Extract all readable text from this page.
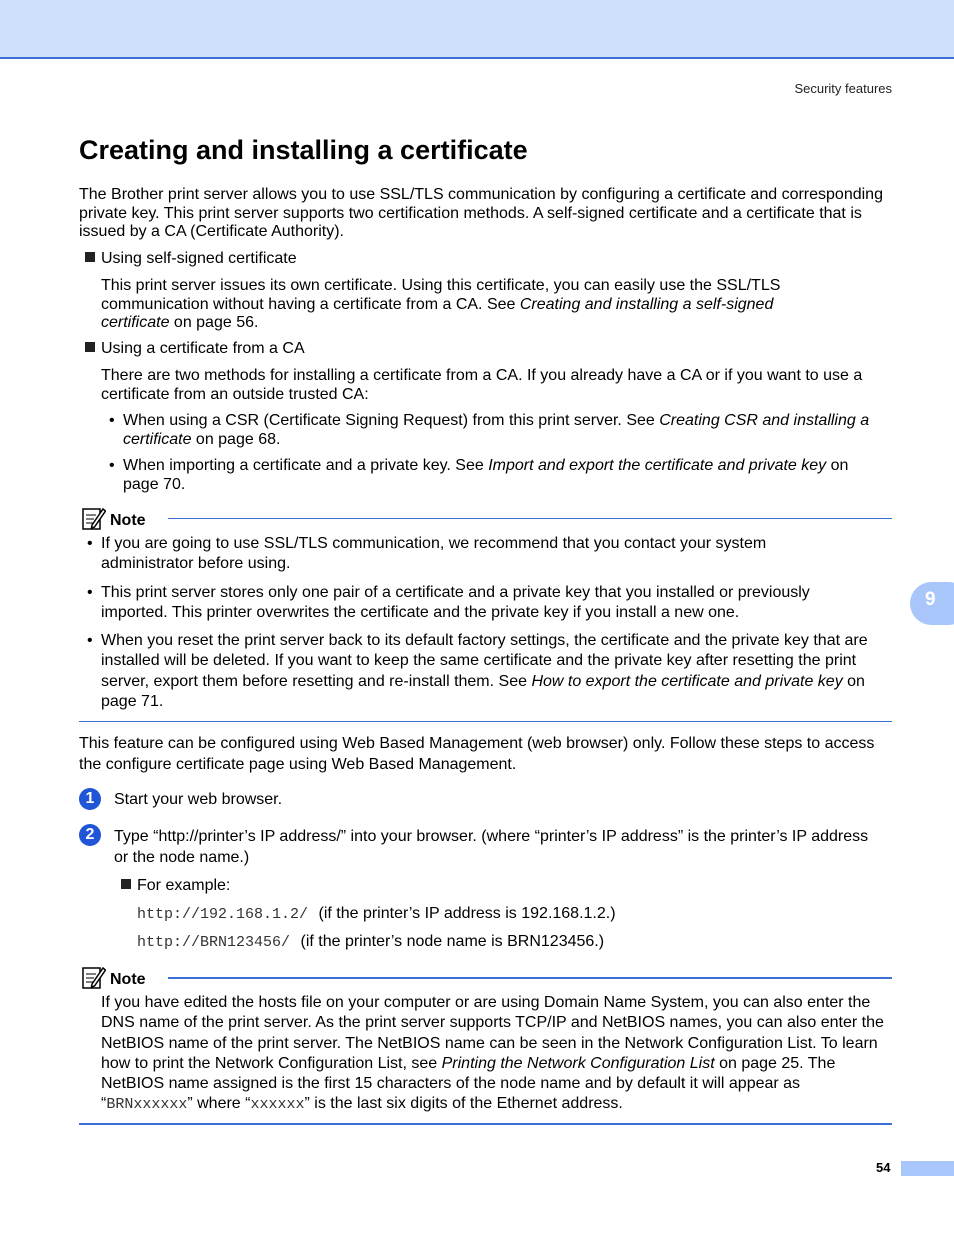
Security features
Creating and installing a certificate
The Brother print server allows you to use SSL/TLS communication by configuring a certificate and corresponding private key. This print server supports two certification methods. A self-signed certificate and a certificate that is issued by a CA (Certificate Authority).
Using self-signed certificate
This print server issues its own certificate. Using this certificate, you can easily use the SSL/TLS communication without having a certificate from a CA. See Creating and installing a self-signed certificate on page 56.
Using a certificate from a CA
There are two methods for installing a certificate from a CA. If you already have a CA or if you want to use a certificate from an outside trusted CA:
• When using a CSR (Certificate Signing Request) from this print server. See Creating CSR and installing a certificate on page 68.
• When importing a certificate and a private key. See Import and export the certificate and private key on page 70.
Note
• If you are going to use SSL/TLS communication, we recommend that you contact your system administrator before using.
• This print server stores only one pair of a certificate and a private key that you installed or previously imported. This printer overwrites the certificate and the private key if you install a new one.
• When you reset the print server back to its default factory settings, the certificate and the private key that are installed will be deleted. If you want to keep the same certificate and the private key after resetting the print server, export them before resetting and re-install them. See How to export the certificate and private key on page 71.
This feature can be configured using Web Based Management (web browser) only. Follow these steps to access the configure certificate page using Web Based Management.
1	Start your web browser.
2	Type “http://printer’s IP address/” into your browser. (where “printer’s IP address” is the printer’s IP address or the node name.)
For example:
http://192.168.1.2/ (if the printer’s IP address is 192.168.1.2.)
http://BRN123456/ (if the printer’s node name is BRN123456.)
Note
If you have edited the hosts file on your computer or are using Domain Name System, you can also enter the DNS name of the print server. As the print server supports TCP/IP and NetBIOS names, you can also enter the NetBIOS name of the print server. The NetBIOS name can be seen in the Network Configuration List. To learn how to print the Network Configuration List, see Printing the Network Configuration List on page 25. The NetBIOS name assigned is the first 15 characters of the node name and by default it will appear as “BRNxxxxxx” where “xxxxxx” is the last six digits of the Ethernet address.
9
54
